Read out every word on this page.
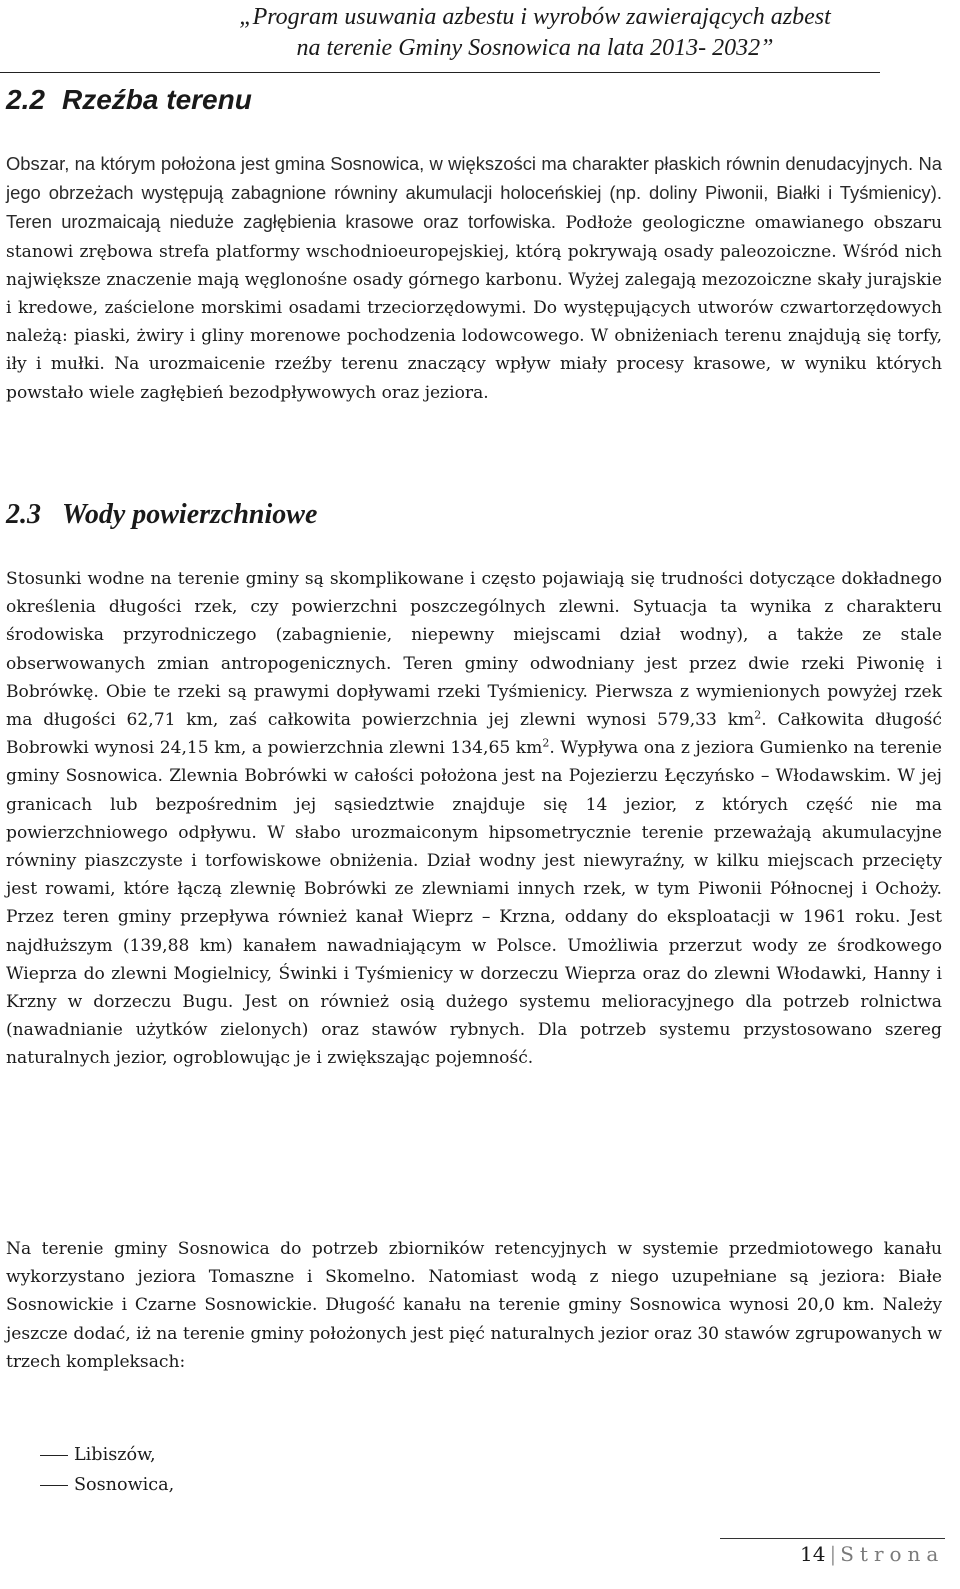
„Program usuwania azbestu i wyrobów zawierających azbest
na terenie Gminy Sosnowica na lata 2013- 2032”
2.2 Rzeźba terenu

Obszar, na którym położona jest gmina Sosnowica, w większości ma charakter płaskich równin denudacyjnych. Na jego obrzeżach występują zabagnione równiny akumulacji holoceńskiej (np. doliny Piwonii, Białki i Tyśmienicy). Teren urozmaicają nieduże zagłębienia krasowe oraz torfowiska. Podłoże geologiczne omawianego obszaru stanowi zrębowa strefa platformy wschodnioeuropejskiej, którą pokrywają osady paleozoiczne. Wśród nich największe znaczenie mają węglonośne osady górnego karbonu. Wyżej zalegają mezozoiczne skały jurajskie i kredowe, zaścielone morskimi osadami trzeciorzędowymi. Do występujących utworów czwartorzędowych należą: piaski, żwiry i gliny morenowe pochodzenia lodowcowego. W obniżeniach terenu znajdują się torfy, iły i mułki. Na urozmaicenie rzeźby terenu znaczący wpływ miały procesy krasowe, w wyniku których powstało wiele zagłębień bezodpływowych oraz jeziora.

2.3 Wody powierzchniowe

Stosunki wodne na terenie gminy są skomplikowane i często pojawiają się trudności dotyczące dokładnego określenia długości rzek, czy powierzchni poszczególnych zlewni. Sytuacja ta wynika z charakteru środowiska przyrodniczego (zabagnienie, niepewny miejscami dział wodny), a także ze stale obserwowanych zmian antropogenicznych. Teren gminy odwodniany jest przez dwie rzeki Piwonię i Bobrówkę. Obie te rzeki są prawymi dopływami rzeki Tyśmienicy. Pierwsza z wymienionych powyżej rzek ma długości 62,71 km, zaś całkowita powierzchnia jej zlewni wynosi 579,33 $km^2$. Całkowita długość Bobrowki wynosi 24,15 km, a powierzchnia zlewni 134,65 $km^2$. Wypływa ona z jeziora Gumienko na terenie gminy Sosnowica. Zlewnia Bobrówki w całości położona jest na Pojezierzu Łęczyńsko – Włodawskim. W jej granicach lub bezpośrednim jej sąsiedztwie znajduje się 14 jezior, z których część nie ma powierzchniowego odpływu. W słabo urozmaiconym hipsometrycznie terenie przeważają akumulacyjne równiny piaszczyste i torfowiskowe obniżenia. Dział wodny jest niewyraźny, w kilku miejscach przecięty jest rowami, które łączą zlewnię Bobrówki ze zlewniami innych rzek, w tym Piwonii Północnej i Ochoży. Przez teren gminy przepływa również kanał Wieprz – Krzna, oddany do eksploatacji w 1961 roku. Jest najdłuższym (139,88 km) kanałem nawadniającym w Polsce. Umożliwia przerzut wody ze środkowego Wieprza do zlewni Mogielnicy, Świnki i Tyśmienicy w dorzeczu Wieprza oraz do zlewni Włodawki, Hanny i Krzny w dorzeczu Bugu. Jest on również osią dużego systemu melioracyjnego dla potrzeb rolnictwa (nawadnianie użytków zielonych) oraz stawów rybnych. Dla potrzeb systemu przystosowano szereg naturalnych jezior, ogroblowując je i zwiększając pojemność.

Na terenie gminy Sosnowica do potrzeb zbiorników retencyjnych w systemie przedmiotowego kanału wykorzystano jeziora Tomaszne i Skomelno. Natomiast wodą z niego uzupełniane są jeziora: Białe Sosnowickie i Czarne Sosnowickie. Długość kanału na terenie gminy Sosnowica wynosi 20,0 km. Należy jeszcze dodać, iż na terenie gminy położonych jest pięć naturalnych jezior oraz 30 stawów zgrupowanych w trzech kompleksach:

Libiszów,
Sosnowica,
14 | Strona
